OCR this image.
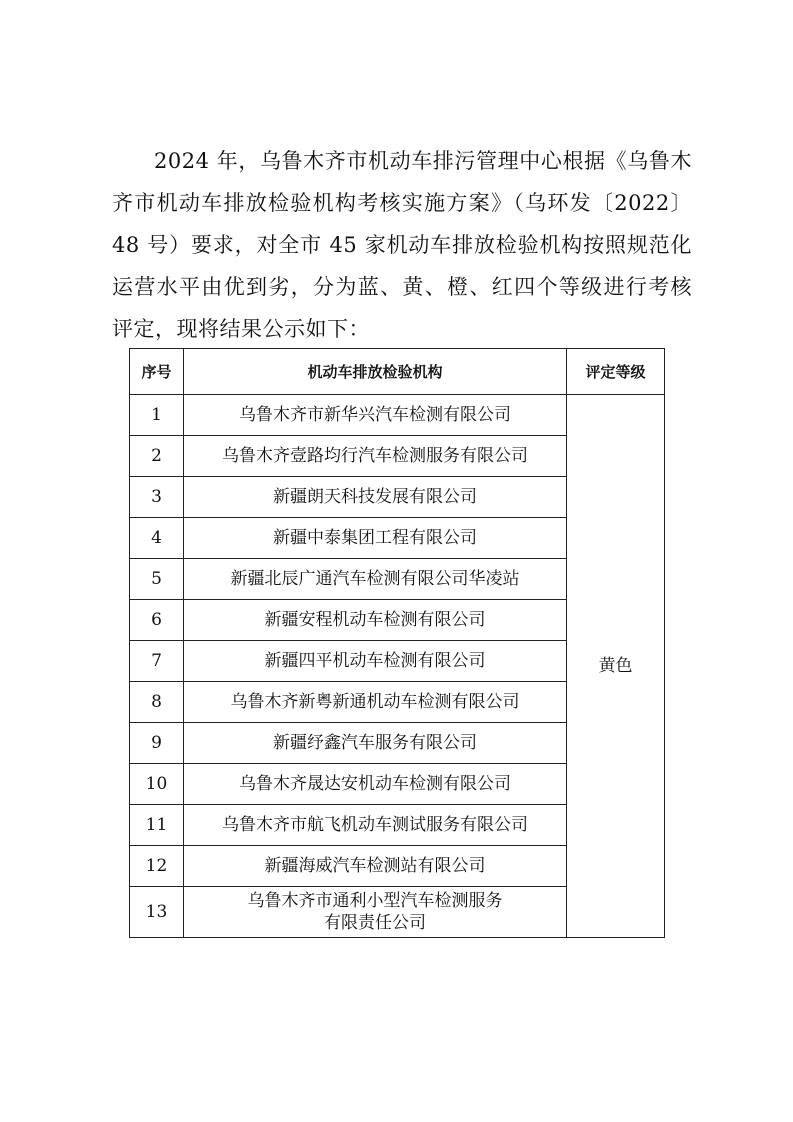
2024 年，乌鲁木齐市机动车排污管理中心根据《乌鲁木齐市机动车排放检验机构考核实施方案》（乌环发〔2022〕48 号）要求，对全市 45 家机动车排放检验机构按照规范化运营水平由优到劣，分为蓝、黄、橙、红四个等级进行考核评定，现将结果公示如下：

序号	机动车排放检验机构	评定等级
1	乌鲁木齐市新华兴汽车检测有限公司	黄色
2	乌鲁木齐壹路均行汽车检测服务有限公司	
3	新疆朗天科技发展有限公司	
4	新疆中泰集团工程有限公司	
5	新疆北辰广通汽车检测有限公司华凌站	
6	新疆安程机动车检测有限公司	
7	新疆四平机动车检测有限公司	
8	乌鲁木齐新粤新通机动车检测有限公司	
9	新疆纾鑫汽车服务有限公司	
10	乌鲁木齐晟达安机动车检测有限公司	
11	乌鲁木齐市航飞机动车测试服务有限公司	
12	新疆海威汽车检测站有限公司	
13	乌鲁木齐市通利小型汽车检测服务
有限责任公司	
